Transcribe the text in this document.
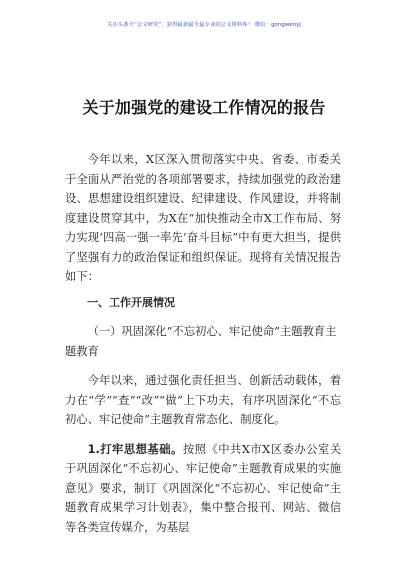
关注头条号“公文研究”，获得最新最全最专业的公文资料库！ 微信：gongwenyj
关于加强党的建设工作情况的报告

今年以来，X区深入贯彻落实中央、省委、市委关于全面从严治党的各项部署要求，持续加强党的政治建设、思想建设组织建设、纪律建设、作风建设，并将制度建设贯穿其中，为X在“加快推动全市X工作布局、努力实现‘四高一强一率先’奋斗目标”中有更大担当，提供了坚强有力的政治保证和组织保证。现将有关情况报告如下：

一、工作开展情况

（一）巩固深化“不忘初心、牢记使命”主题教育主题教育

今年以来，通过强化责任担当、创新活动载体，着力在“学”“查”“改”“做”上下功夫，有序巩固深化“不忘初心、牢记使命”主题教育常态化、制度化。

1.打牢思想基础。按照《中共X市X区委办公室关于巩固深化“不忘初心、牢记使命”主题教育成果的实施意见》要求，制订《巩固深化“不忘初心、牢记使命”主题教育成果学习计划表》，集中整合报刊、网站、微信等各类宣传媒介，为基层
